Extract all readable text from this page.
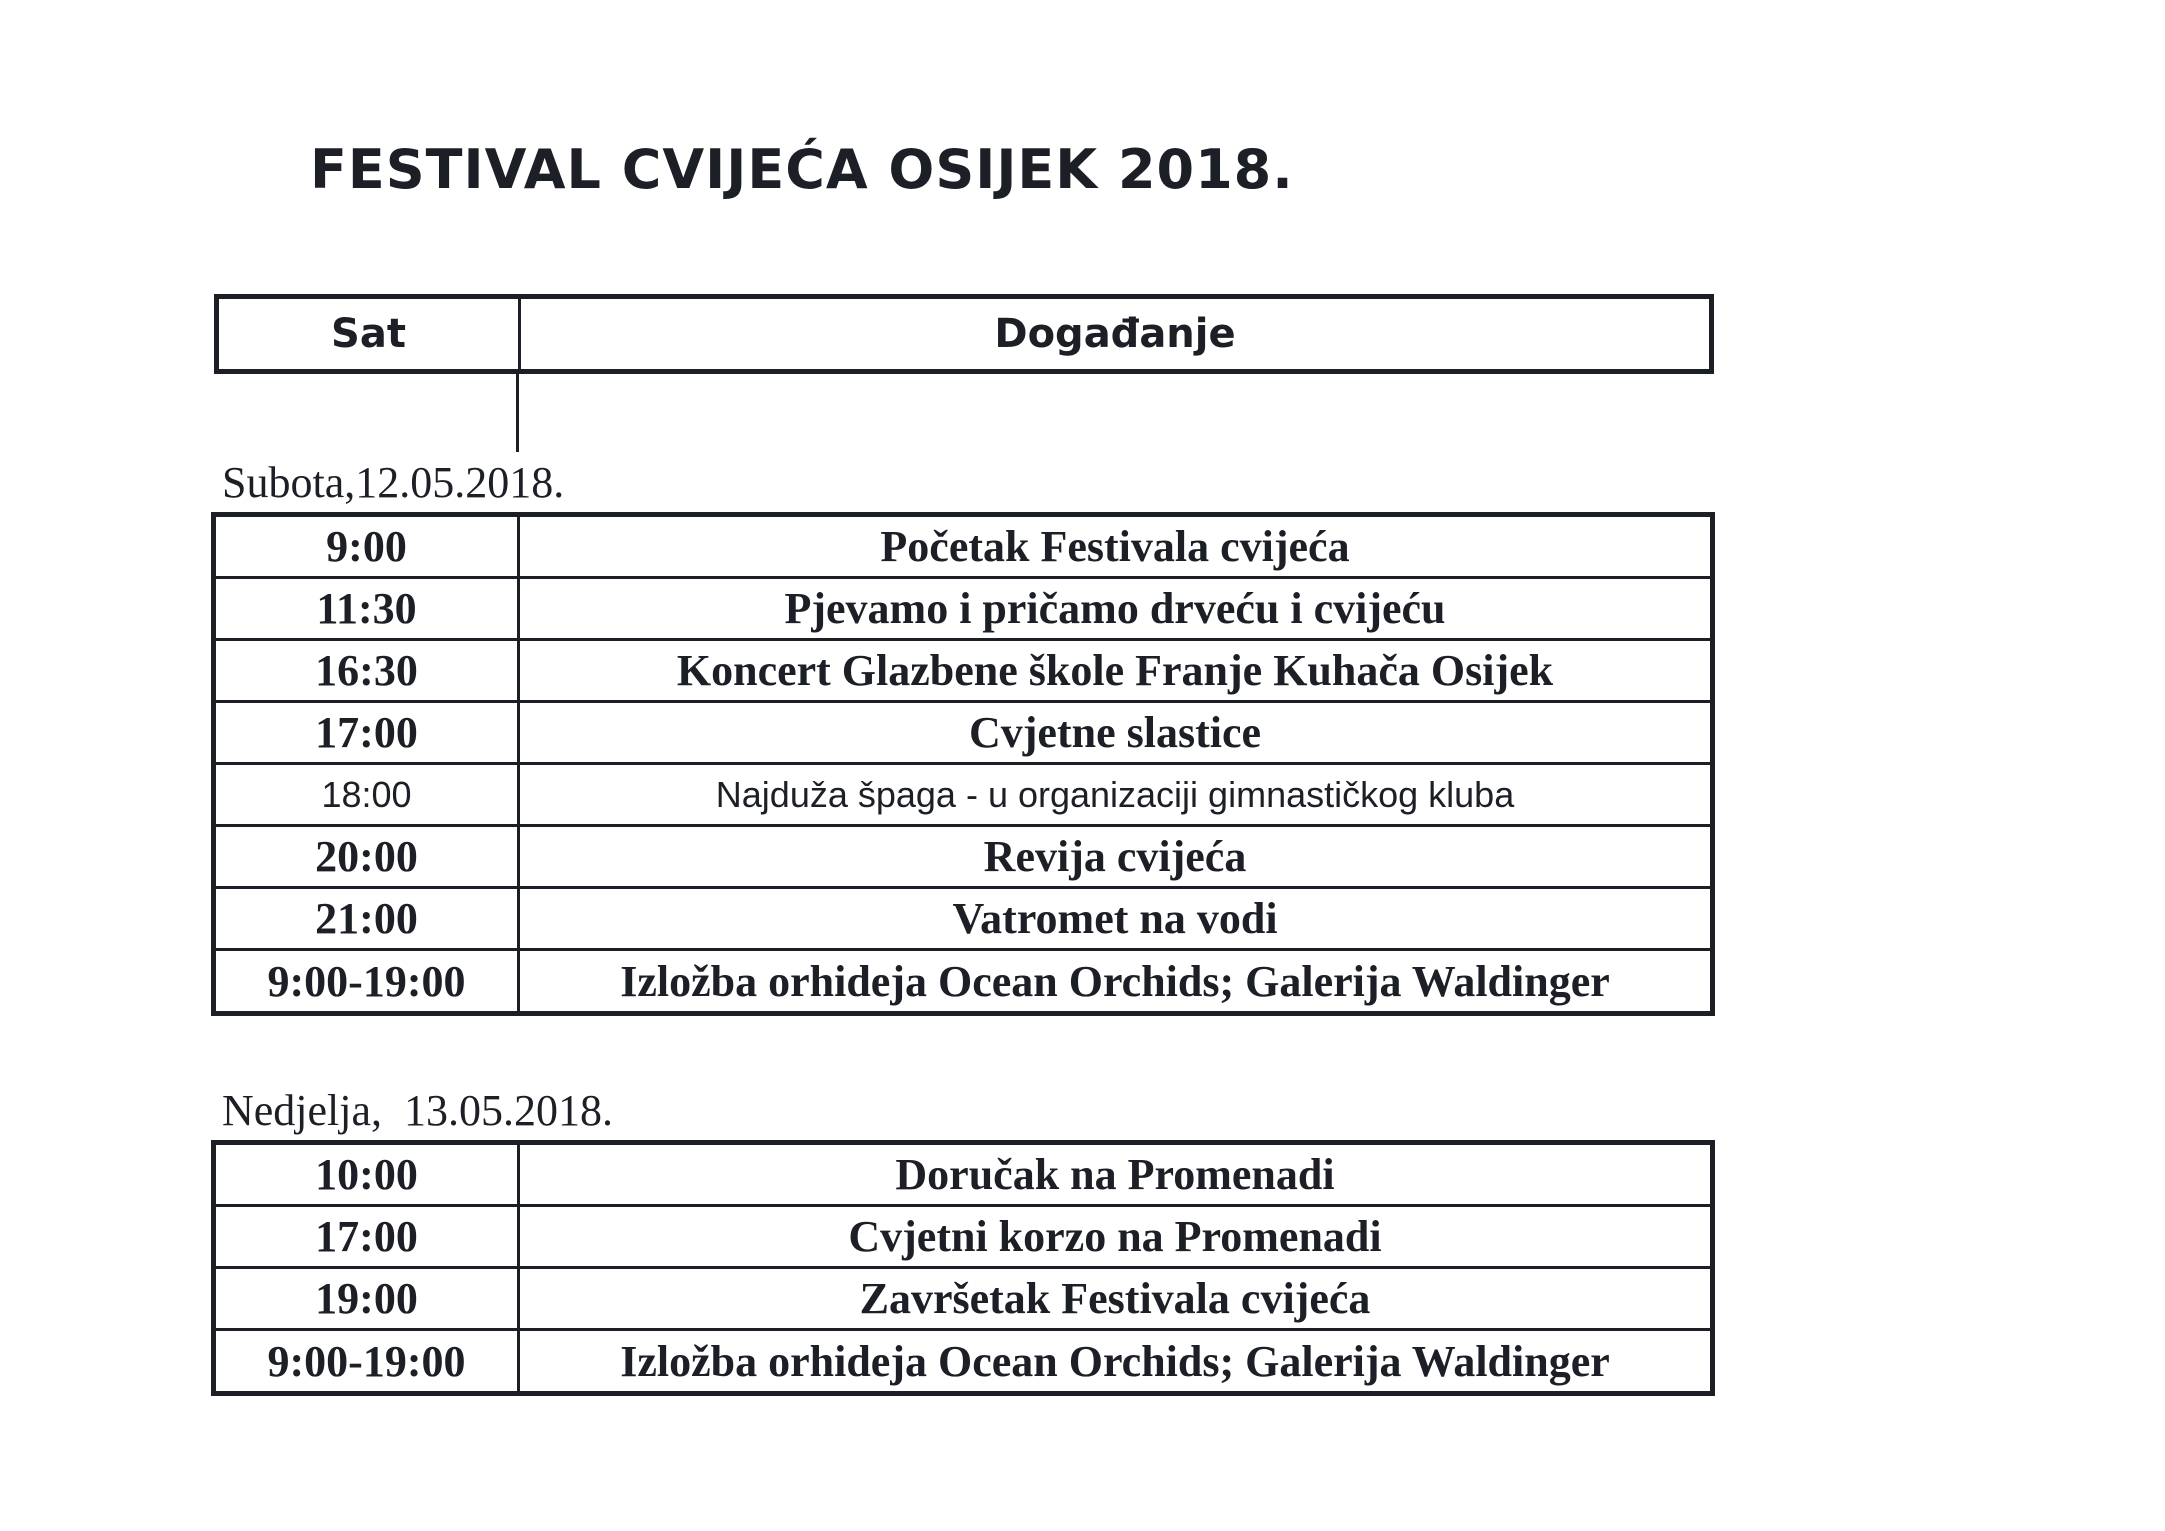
FESTIVAL CVIJEĆA OSIJEK 2018.
Sat	Događanje
Subota,12.05.2018.
9:00	Početak Festivala cvijeća
11:30	Pjevamo i pričamo drveću i cvijeću
16:30	Koncert Glazbene škole Franje Kuhača Osijek
17:00	Cvjetne slastice
18:00	Najduža špaga - u organizaciji gimnastičkog kluba
20:00	Revija cvijeća
21:00	Vatromet na vodi
9:00-19:00	Izložba orhideja Ocean Orchids; Galerija Waldinger
Nedjelja,  13.05.2018.
10:00	Doručak na Promenadi
17:00	Cvjetni korzo na Promenadi
19:00	Završetak Festivala cvijeća
9:00-19:00	Izložba orhideja Ocean Orchids; Galerija Waldinger
